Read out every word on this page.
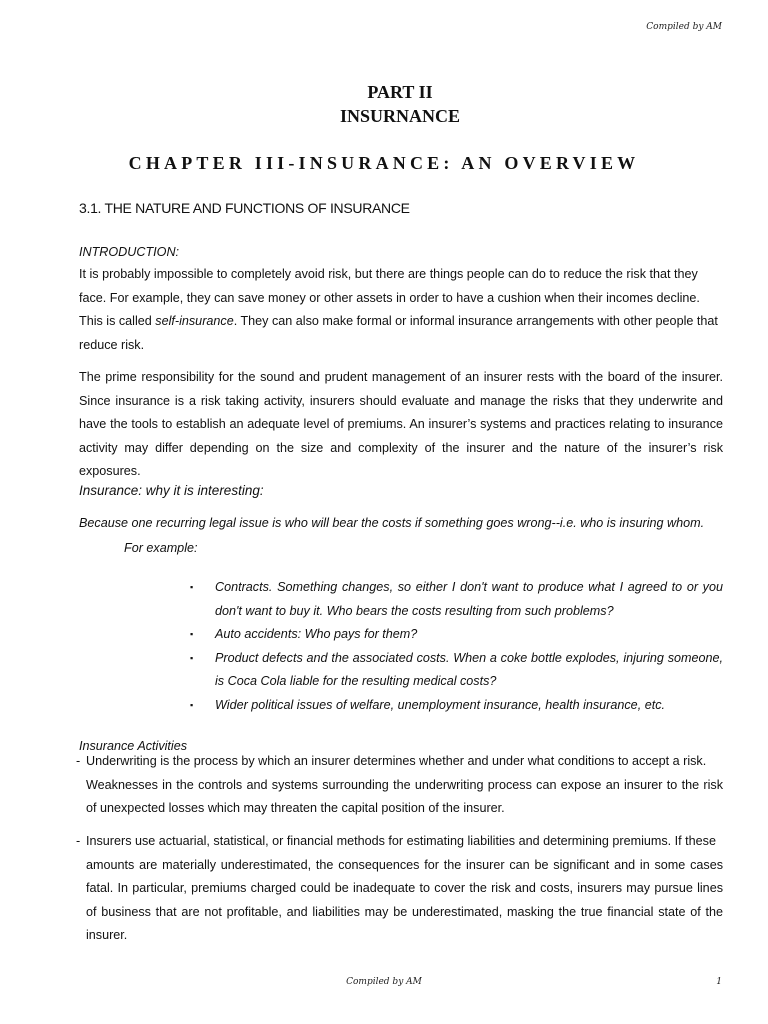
Compiled by AM
PART II
INSURNANCE
CHAPTER III-INSURANCE: AN OVERVIEW
3.1. THE NATURE AND FUNCTIONS OF INSURANCE
INTRODUCTION:
It is probably impossible to completely avoid risk, but there are things people can do to reduce the risk that they face. For example, they can save money or other assets in order to have a cushion when their incomes decline. This is called self-insurance. They can also make formal or informal insurance arrangements with other people that reduce risk.
The prime responsibility for the sound and prudent management of an insurer rests with the board of the insurer. Since insurance is a risk taking activity, insurers should evaluate and manage the risks that they underwrite and have the tools to establish an adequate level of premiums. An insurer’s systems and practices relating to insurance activity may differ depending on the size and complexity of the insurer and the nature of the insurer’s risk exposures.
Insurance: why it is interesting:
Because one recurring legal issue is who will bear the costs if something goes wrong--i.e. who is insuring whom.
For example:
▪ Contracts. Something changes, so either I don't want to produce what I agreed to or you don't want to buy it. Who bears the costs resulting from such problems?
▪ Auto accidents: Who pays for them?
▪ Product defects and the associated costs. When a coke bottle explodes, injuring someone, is Coca Cola liable for the resulting medical costs?
▪ Wider political issues of welfare, unemployment insurance, health insurance, etc.
Insurance Activities
- Underwriting is the process by which an insurer determines whether and under what conditions to accept a risk.
Weaknesses in the controls and systems surrounding the underwriting process can expose an insurer to the risk of unexpected losses which may threaten the capital position of the insurer.
- Insurers use actuarial, statistical, or financial methods for estimating liabilities and determining premiums. If these
amounts are materially underestimated, the consequences for the insurer can be significant and in some cases fatal. In particular, premiums charged could be inadequate to cover the risk and costs, insurers may pursue lines of business that are not profitable, and liabilities may be underestimated, masking the true financial state of the insurer.
Compiled by AM	1
